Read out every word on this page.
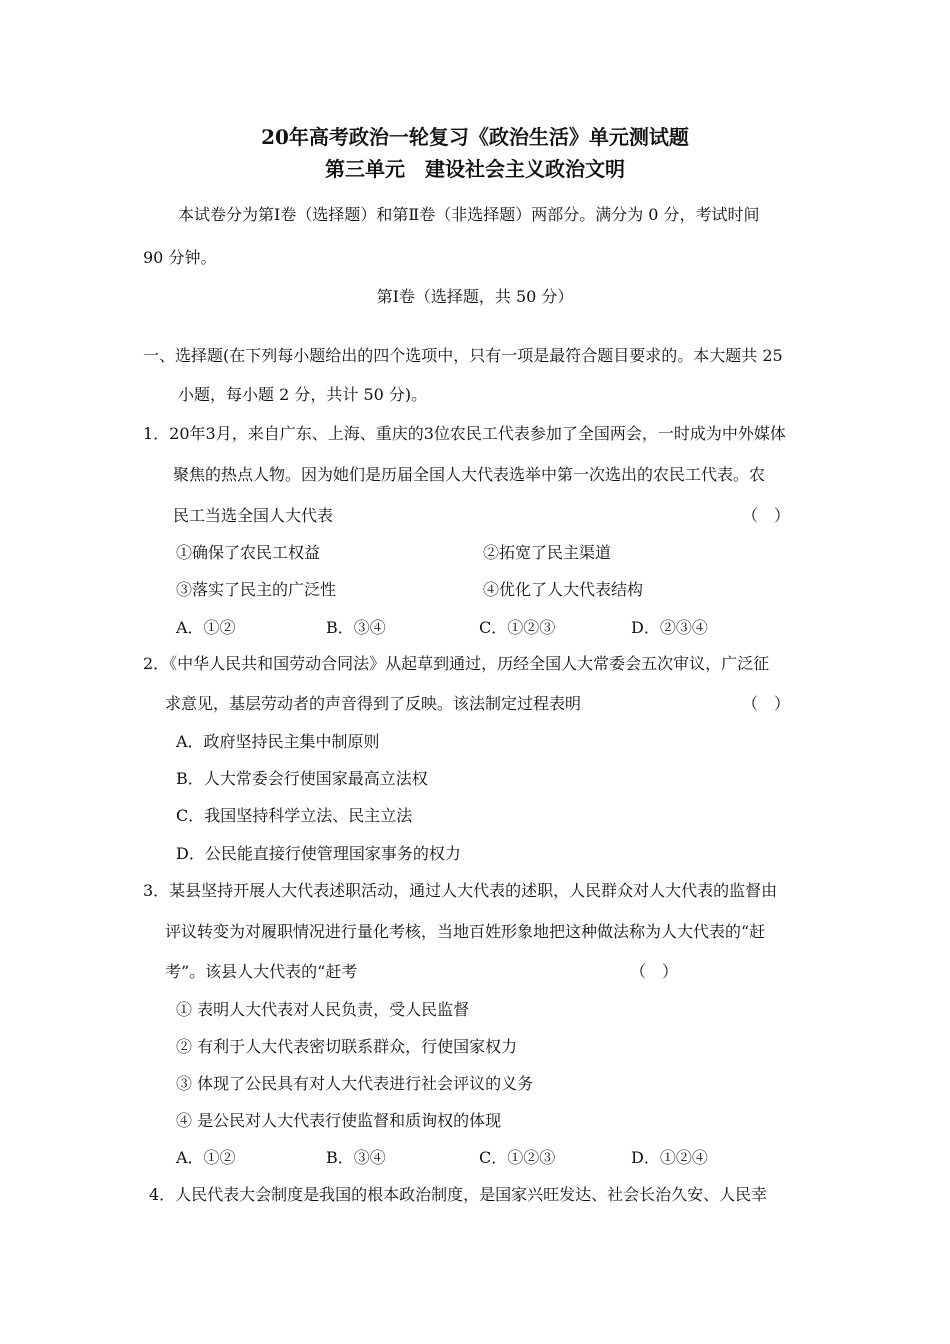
20年高考政治一轮复习《政治生活》单元测试题
第三单元　建设社会主义政治文明
本试卷分为第Ⅰ卷（选择题）和第Ⅱ卷（非选择题）两部分。满分为 0 分，考试时间
90 分钟。
第Ⅰ卷（选择题，共 50 分）
一、选择题(在下列每小题给出的四个选项中，只有一项是最符合题目要求的。本大题共 25
小题，每小题 2 分，共计 50 分)。
1．20年3月，来自广东、上海、重庆的3位农民工代表参加了全国两会，一时成为中外媒体
聚焦的热点人物。因为她们是历届全国人大代表选举中第一次选出的农民工代表。农
民工当选全国人大代表	（　）
①确保了农民工权益	②拓宽了民主渠道
③落实了民主的广泛性	④优化了人大代表结构
A．①②	B．③④	C．①②③	D．②③④
2．《中华人民共和国劳动合同法》从起草到通过，历经全国人大常委会五次审议，广泛征
求意见，基层劳动者的声音得到了反映。该法制定过程表明	（　）
A．政府坚持民主集中制原则
B．人大常委会行使国家最高立法权
C．我国坚持科学立法、民主立法
D．公民能直接行使管理国家事务的权力
3．某县坚持开展人大代表述职活动，通过人大代表的述职，人民群众对人大代表的监督由
评议转变为对履职情况进行量化考核，当地百姓形象地把这种做法称为人大代表的“赶
考”。该县人大代表的“赶考	（　）
① 表明人大代表对人民负责，受人民监督
② 有利于人大代表密切联系群众，行使国家权力
③ 体现了公民具有对人大代表进行社会评议的义务
④ 是公民对人大代表行使监督和质询权的体现
A．①②	B．③④	C．①②③	D．①②④
4．人民代表大会制度是我国的根本政治制度，是国家兴旺发达、社会长治久安、人民幸
